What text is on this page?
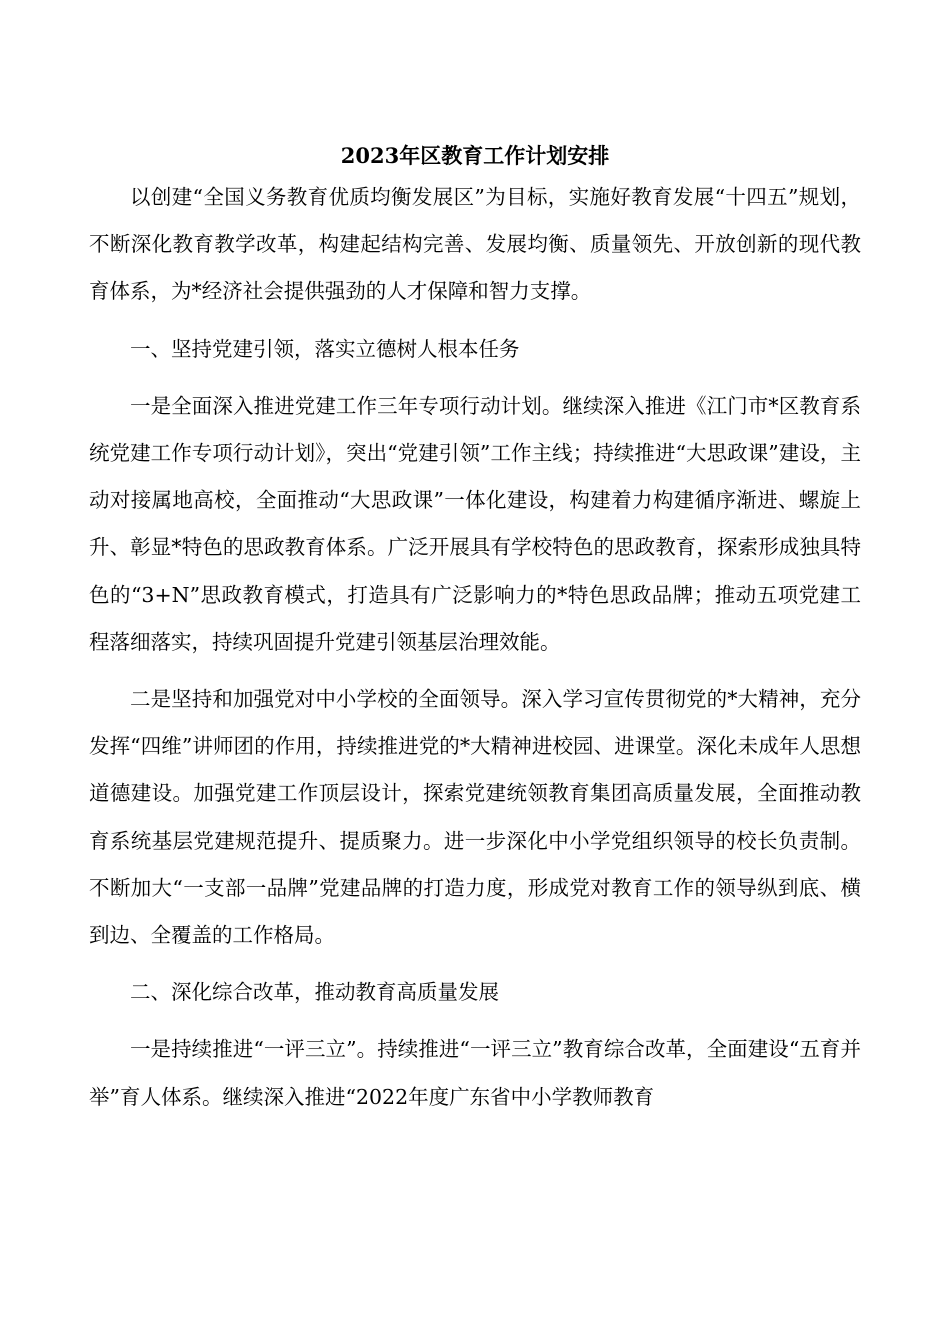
2023年区教育工作计划安排

以创建“全国义务教育优质均衡发展区”为目标，实施好教育发展“十四五”规划，不断深化教育教学改革，构建起结构完善、发展均衡、质量领先、开放创新的现代教育体系，为*经济社会提供强劲的人才保障和智力支撑。

一、坚持党建引领，落实立德树人根本任务

一是全面深入推进党建工作三年专项行动计划。继续深入推进《江门市*区教育系统党建工作专项行动计划》，突出“党建引领”工作主线；持续推进“大思政课”建设，主动对接属地高校，全面推动“大思政课”一体化建设，构建着力构建循序渐进、螺旋上升、彰显*特色的思政教育体系。广泛开展具有学校特色的思政教育，探索形成独具特色的“3+N”思政教育模式，打造具有广泛影响力的*特色思政品牌；推动五项党建工程落细落实，持续巩固提升党建引领基层治理效能。

二是坚持和加强党对中小学校的全面领导。深入学习宣传贯彻党的*大精神，充分发挥“四维”讲师团的作用，持续推进党的*大精神进校园、进课堂。深化未成年人思想道德建设。加强党建工作顶层设计，探索党建统领教育集团高质量发展，全面推动教育系统基层党建规范提升、提质聚力。进一步深化中小学党组织领导的校长负责制。不断加大“一支部一品牌”党建品牌的打造力度，形成党对教育工作的领导纵到底、横到边、全覆盖的工作格局。

二、深化综合改革，推动教育高质量发展

一是持续推进“一评三立”。持续推进“一评三立”教育综合改革，全面建设“五育并举”育人体系。继续深入推进“2022年度广东省中小学教师教育
